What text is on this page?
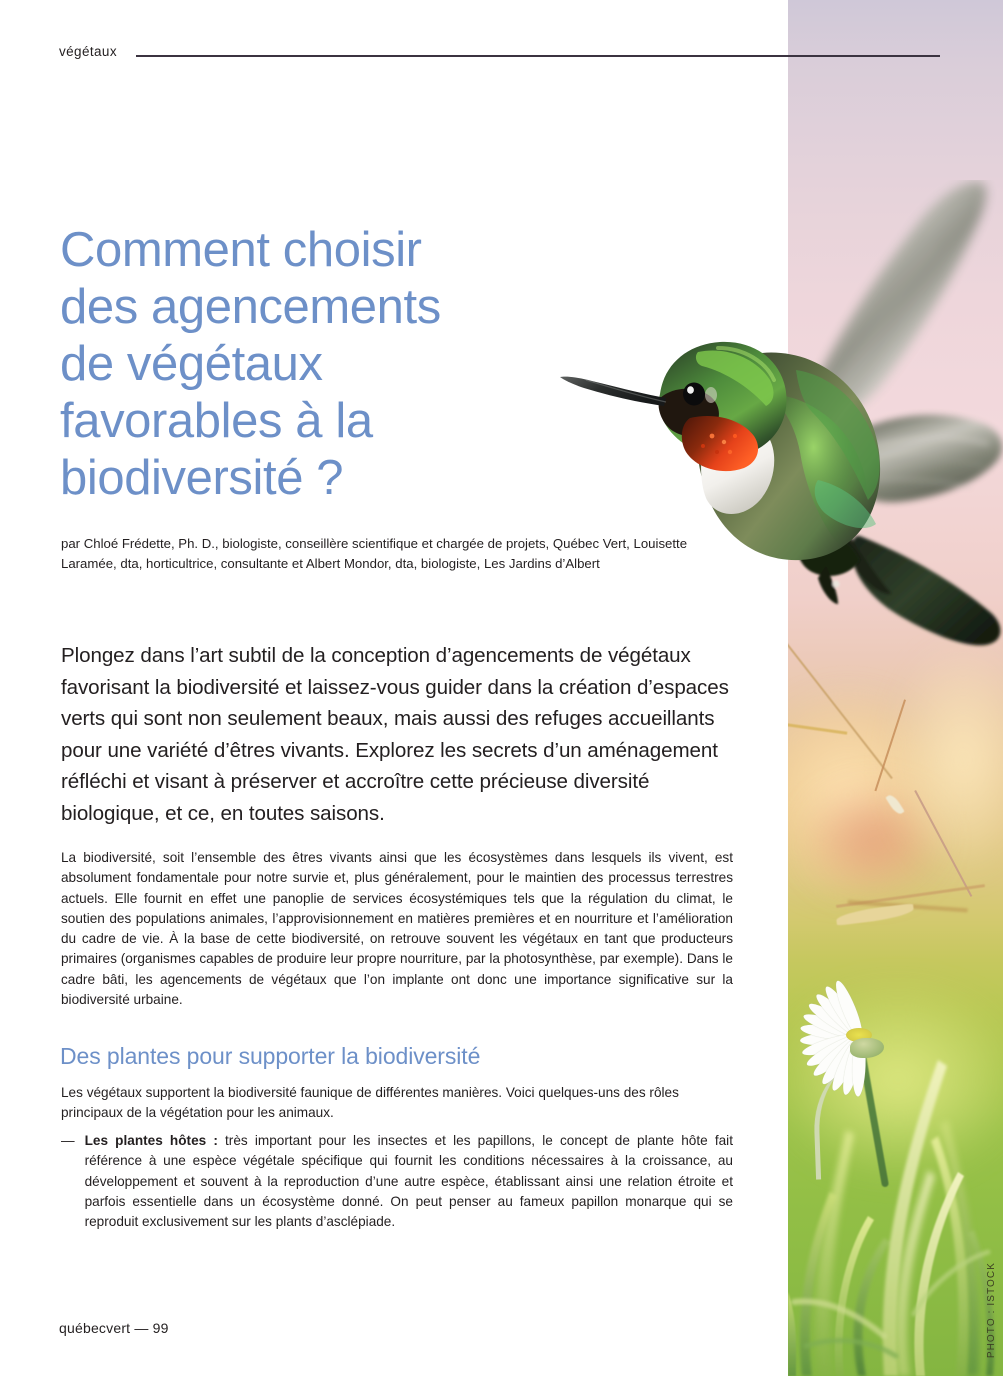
PHOTO : ISTOCK
végétaux
Comment choisir
des agencements
de végétaux
favorables à la
biodiversité ?
par Chloé Frédette, Ph. D., biologiste, conseillère scientifique et chargée de projets, Québec Vert, Louisette Laramée, dta, horticultrice, consultante et Albert Mondor, dta, biologiste, Les Jardins d’Albert
Plongez dans l’art subtil de la conception d’agencements de végétaux favorisant la biodiversité et laissez-vous guider dans la création d’espaces verts qui sont non seulement beaux, mais aussi des refuges accueillants pour une variété d’êtres vivants. Explorez les secrets d’un aménagement réfléchi et visant à préserver et accroître cette précieuse diversité biologique, et ce, en toutes saisons.
La biodiversité, soit l’ensemble des êtres vivants ainsi que les écosystèmes dans lesquels ils vivent, est absolument fondamentale pour notre survie et, plus généralement, pour le maintien des processus terrestres actuels. Elle fournit en effet une panoplie de services écosystémiques tels que la régulation du climat, le soutien des populations animales, l’approvisionnement en matières premières et en nourriture et l’amélioration du cadre de vie. À la base de cette biodiversité, on retrouve souvent les végétaux en tant que producteurs primaires (organismes capables de produire leur propre nourriture, par la photosynthèse, par exemple). Dans le cadre bâti, les agencements de végétaux que l’on implante ont donc une importance significative sur la biodiversité urbaine.
Des plantes pour supporter la biodiversité
Les végétaux supportent la biodiversité faunique de différentes manières. Voici quelques-uns des rôles principaux de la végétation pour les animaux.
— Les plantes hôtes : très important pour les insectes et les papillons, le concept de plante hôte fait référence à une espèce végétale spécifique qui fournit les conditions nécessaires à la croissance, au développement et souvent à la reproduction d’une autre espèce, établissant ainsi une relation étroite et parfois essentielle dans un écosystème donné. On peut penser au fameux papillon monarque qui se reproduit exclusivement sur les plants d’asclépiade.
québecvert — 99
